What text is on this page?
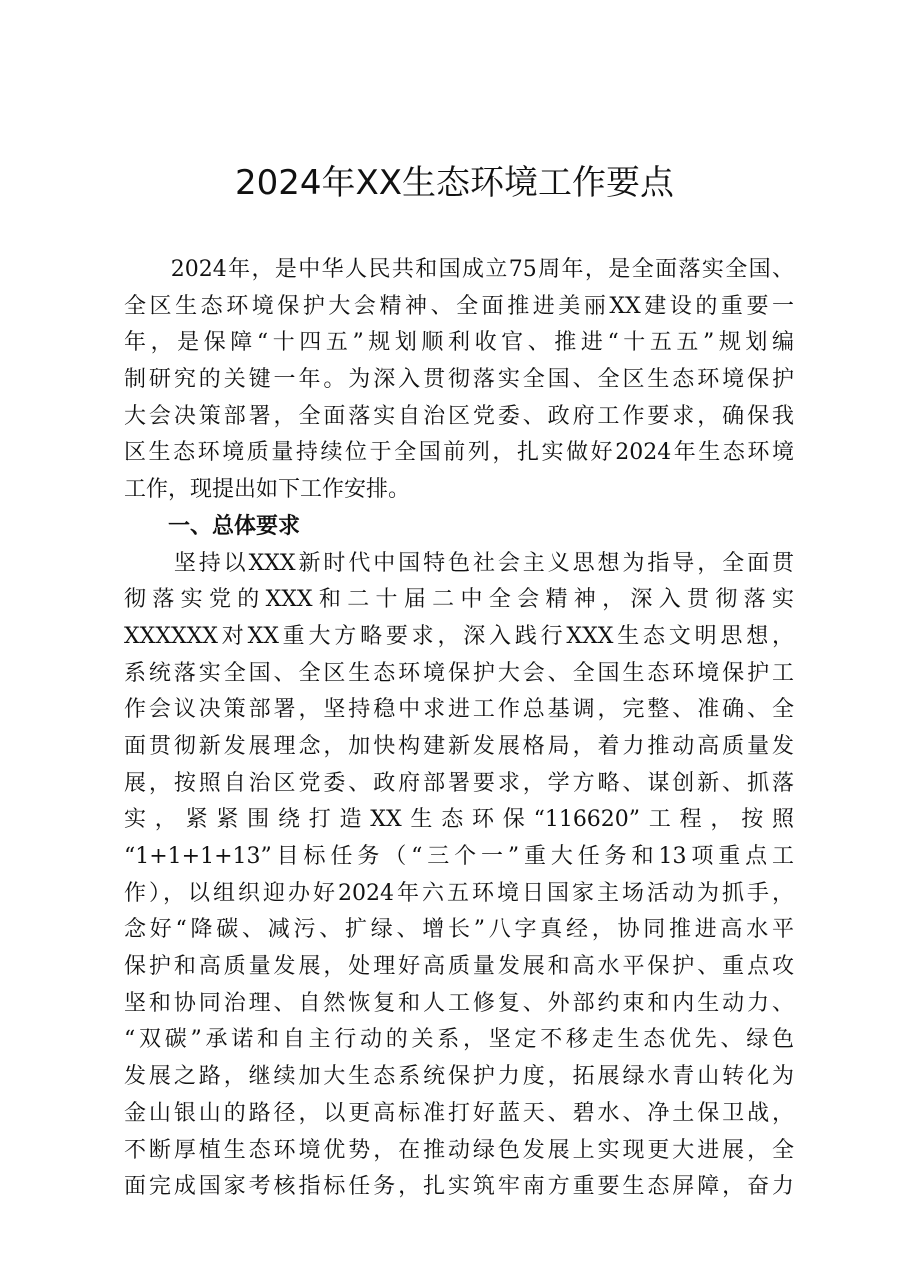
2024年XX生态环境工作要点
　　2024年，是中华人民共和国成立75周年，是全面落实全国、
全区生态环境保护大会精神、全面推进美丽XX建设的重要一
年，是保障“十四五”规划顺利收官、推进“十五五”规划编
制研究的关键一年。为深入贯彻落实全国、全区生态环境保护
大会决策部署，全面落实自治区党委、政府工作要求，确保我
区生态环境质量持续位于全国前列，扎实做好2024年生态环境
工作，现提出如下工作安排。
　　一、总体要求
　　坚持以XXX新时代中国特色社会主义思想为指导，全面贯
彻落实党的XXX和二十届二中全会精神，深入贯彻落实
XXXXXX对XX重大方略要求，深入践行XXX生态文明思想，
系统落实全国、全区生态环境保护大会、全国生态环境保护工
作会议决策部署，坚持稳中求进工作总基调，完整、准确、全
面贯彻新发展理念，加快构建新发展格局，着力推动高质量发
展，按照自治区党委、政府部署要求，学方略、谋创新、抓落
实，紧紧围绕打造XX生态环保“116620”工程，按照
“1+1+1+13”目标任务（“三个一”重大任务和13项重点工
作），以组织迎办好2024年六五环境日国家主场活动为抓手，
念好“降碳、减污、扩绿、增长”八字真经，协同推进高水平
保护和高质量发展，处理好高质量发展和高水平保护、重点攻
坚和协同治理、自然恢复和人工修复、外部约束和内生动力、
“双碳”承诺和自主行动的关系，坚定不移走生态优先、绿色
发展之路，继续加大生态系统保护力度，拓展绿水青山转化为
金山银山的路径，以更高标准打好蓝天、碧水、净土保卫战，
不断厚植生态环境优势，在推动绿色发展上实现更大进展，全
面完成国家考核指标任务，扎实筑牢南方重要生态屏障，奋力
